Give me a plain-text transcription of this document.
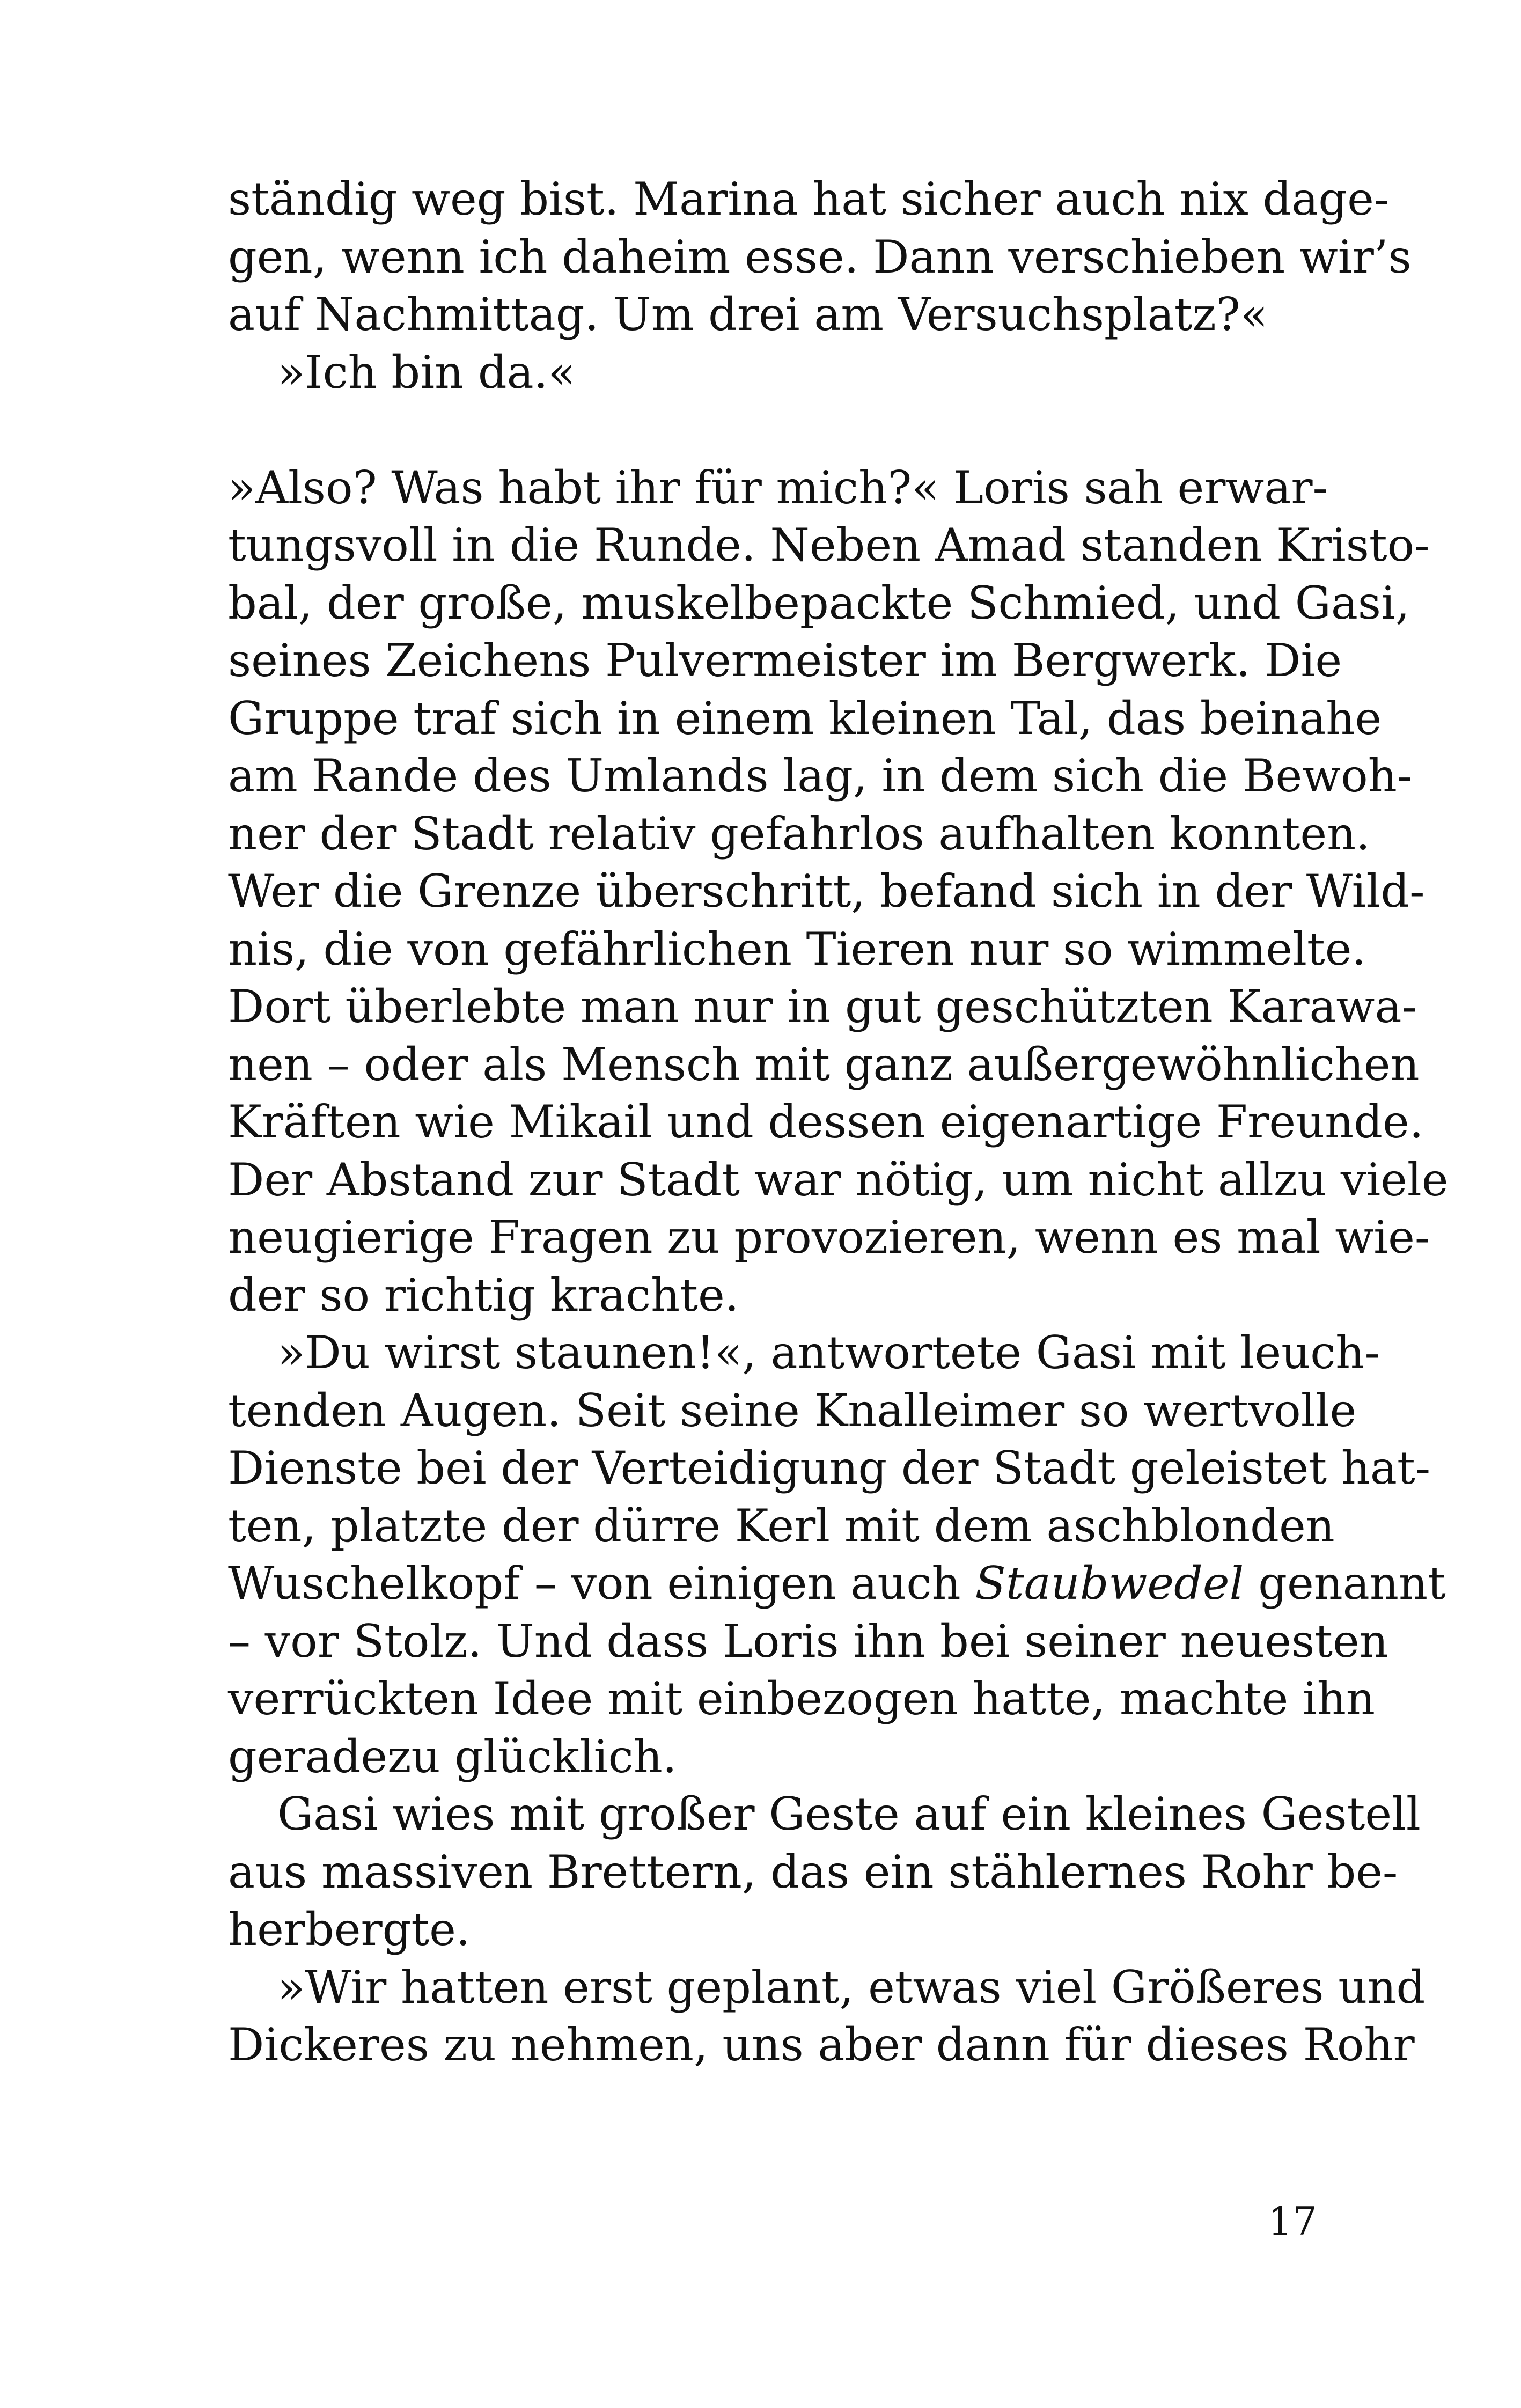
ständig weg bist. Marina hat sicher auch nix dage-
gen, wenn ich daheim esse. Dann verschieben wir’s
auf Nachmittag. Um drei am Versuchsplatz?«
»Ich bin da.«
»Also? Was habt ihr für mich?« Loris sah erwar-
tungsvoll in die Runde. Neben Amad standen Kristo-
bal, der große, muskelbepackte Schmied, und Gasi,
seines Zeichens Pulvermeister im Bergwerk. Die
Gruppe traf sich in einem kleinen Tal, das beinahe
am Rande des Umlands lag, in dem sich die Bewoh-
ner der Stadt relativ gefahrlos aufhalten konnten.
Wer die Grenze überschritt, befand sich in der Wild-
nis, die von gefährlichen Tieren nur so wimmelte.
Dort überlebte man nur in gut geschützten Karawa-
nen – oder als Mensch mit ganz außergewöhnlichen
Kräften wie Mikail und dessen eigenartige Freunde.
Der Abstand zur Stadt war nötig, um nicht allzu viele
neugierige Fragen zu provozieren, wenn es mal wie-
der so richtig krachte.
»Du wirst staunen!«, antwortete Gasi mit leuch-
tenden Augen. Seit seine Knalleimer so wertvolle
Dienste bei der Verteidigung der Stadt geleistet hat-
ten, platzte der dürre Kerl mit dem aschblonden
Wuschelkopf – von einigen auch Staubwedel genannt
– vor Stolz. Und dass Loris ihn bei seiner neuesten
verrückten Idee mit einbezogen hatte, machte ihn
geradezu glücklich.
Gasi wies mit großer Geste auf ein kleines Gestell
aus massiven Brettern, das ein stählernes Rohr be-
herbergte.
»Wir hatten erst geplant, etwas viel Größeres und
Dickeres zu nehmen, uns aber dann für dieses Rohr
17
